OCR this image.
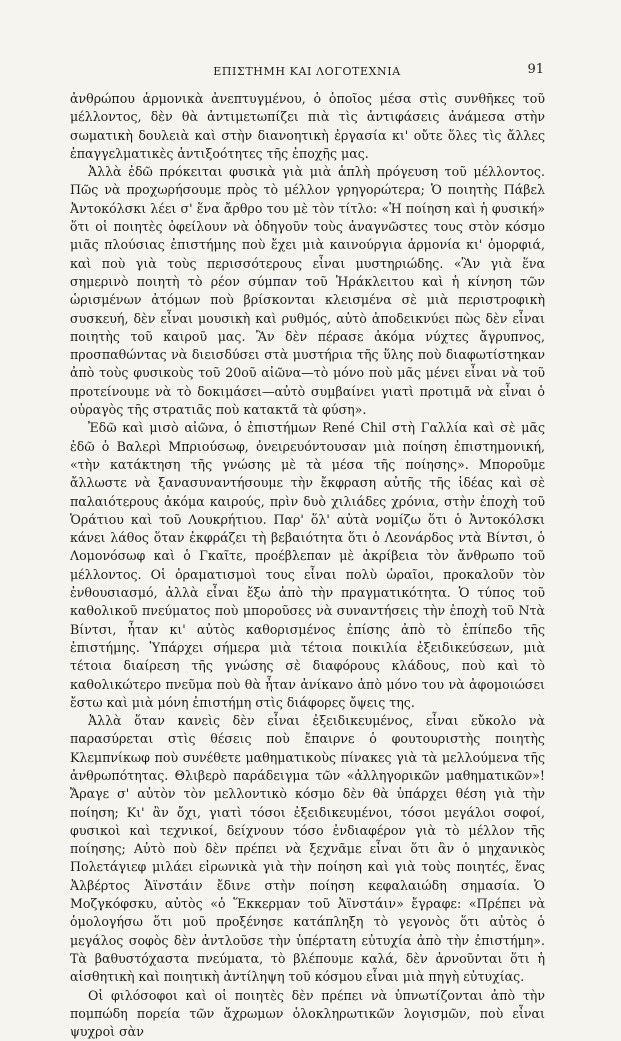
ΕΠΙΣΤΗΜΗ ΚΑΙ ΛΟΓΟΤΕΧΝΙΑ	91

ἀνθρώπου ἁρμονικὰ ἀνεπτυγμένου, ὁ ὁποῖος μέσα στὶς συνθῆκες τοῦ μέλλοντος, δὲν θὰ ἀντιμετωπίζει πιὰ τὶς ἀντιφάσεις ἀνάμεσα στὴν σωματικὴ δουλειὰ καὶ στὴν διανοητικὴ ἐργασία κι' οὔτε ὅλες τὶς ἄλλες ἐπαγγελματικὲς ἀντιξοότητες τῆς ἐποχῆς μας.

Ἀλλὰ ἐδῶ πρόκειται φυσικὰ γιὰ μιὰ ἁπλὴ πρόγευση τοῦ μέλλοντος. Πῶς νὰ προχωρήσουμε πρὸς τὸ μέλλον γρηγορώτερα; Ὁ ποιητὴς Πάβελ Ἀντοκόλσκι λέει σ' ἕνα ἄρθρο του μὲ τὸν τίτλο: «Ἡ ποίηση καὶ ἡ φυσική» ὅτι οἱ ποιητὲς ὀφείλουν νὰ ὁδηγοῦν τοὺς ἀναγνῶστες τους στὸν κόσμο μιᾶς πλούσιας ἐπιστήμης ποὺ ἔχει μιὰ καινούργια ἁρμονία κι' ὁμορφιά, καὶ ποὺ γιὰ τοὺς περισσότερους εἶναι μυστηριώδης. «Ἂν γιὰ ἕνα σημερινὸ ποιητὴ τὸ ρέον σύμπαν τοῦ Ἡράκλειτου καὶ ἡ κίνηση τῶν ὡρισμένων ἀτόμων ποὺ βρίσκονται κλεισμένα σὲ μιὰ περιστροφικὴ συσκευή, δὲν εἶναι μουσικὴ καὶ ρυθμός, αὐτὸ ἀποδεικνύει πὼς δὲν εἶναι ποιητὴς τοῦ καιροῦ μας. Ἂν δὲν πέρασε ἀκόμα νύχτες ἄγρυπνος, προσπαθώντας νὰ διεισδύσει στὰ μυστήρια τῆς ὕλης ποὺ διαφωτίστηκαν ἀπὸ τοὺς φυσικοὺς τοῦ 20οῦ αἰῶνα—τὸ μόνο ποὺ μᾶς μένει εἶναι νὰ τοῦ προτείνουμε νὰ τὸ δοκιμάσει—αὐτὸ συμβαίνει γιατὶ προτιμᾶ νὰ εἶναι ὁ οὐραγὸς τῆς στρατιᾶς ποὺ κατακτᾶ τὰ φύση».

Ἐδῶ καὶ μισὸ αἰῶνα, ὁ ἐπιστήμων René Chil στὴ Γαλλία καὶ σὲ μᾶς ἐδῶ ὁ Βαλερὶ Μπριούσωφ, ὀνειρευόντουσαν μιὰ ποίηση ἐπιστημονική, «τὴν κατάκτηση τῆς γνώσης μὲ τὰ μέσα τῆς ποίησης». Μποροῦμε ἄλλωστε νὰ ξανασυναντήσουμε τὴν ἔκφραση αὐτῆς τῆς ἰδέας καὶ σὲ παλαιότερους ἀκόμα καιρούς, πρὶν δυὸ χιλιάδες χρόνια, στὴν ἐποχὴ τοῦ Ὁράτιου καὶ τοῦ Λουκρήτιου. Παρ' ὅλ' αὐτὰ νομίζω ὅτι ὁ Ἀντοκόλσκι κάνει λάθος ὅταν ἐκφράζει τὴ βεβαιότητα ὅτι ὁ Λεονάρδος ντὰ Βίντσι, ὁ Λομονόσωφ καὶ ὁ Γκαῖτε, προέβλεπαν μὲ ἀκρίβεια τὸν ἄνθρωπο τοῦ μέλλοντος. Οἱ ὁραματισμοὶ τους εἶναι πολὺ ὡραῖοι, προκαλοῦν τὸν ἐνθουσιασμό, ἀλλὰ εἶναι ἔξω ἀπὸ τὴν πραγματικότητα. Ὁ τύπος τοῦ καθολικοῦ πνεύματος ποὺ μποροῦσες νὰ συναντήσεις τὴν ἐποχὴ τοῦ Ντὰ Βίντσι, ἦταν κι' αὐτὸς καθορισμένος ἐπίσης ἀπὸ τὸ ἐπίπεδο τῆς ἐπιστήμης. Ὑπάρχει σήμερα μιὰ τέτοια ποικιλία ἐξειδικεύσεων, μιὰ τέτοια διαίρεση τῆς γνώσης σὲ διαφόρους κλάδους, ποὺ καὶ τὸ καθολικώτερο πνεῦμα ποὺ θὰ ἦταν ἀνίκανο ἀπὸ μόνο του νὰ ἀφομοιώσει ἔστω καὶ μιὰ μόνη ἐπιστήμη στὶς διάφορες ὄψεις της.

Ἀλλὰ ὅταν κανεὶς δὲν εἶναι ἐξειδικευμένος, εἶναι εὔκολο νὰ παρασύρεται στὶς θέσεις ποὺ ἔπαιρνε ὁ φουτουριστὴς ποιητὴς Κλεμπνίκωφ ποὺ συνέθετε μαθηματικοὺς πίνακες γιὰ τὰ μελλούμενα τῆς ἀνθρωπότητας. Θλιβερὸ παράδειγμα τῶν «ἀλληγορικῶν μαθηματικῶν»! Ἄραγε σ' αὐτὸν τὸν μελλοντικὸ κόσμο δὲν θὰ ὑπάρχει θέση γιὰ τὴν ποίηση; Κι' ἂν ὄχι, γιατὶ τόσοι ἐξειδικευμένοι, τόσοι μεγάλοι σοφοί, φυσικοὶ καὶ τεχνικοί, δείχνουν τόσο ἐνδιαφέρον γιὰ τὸ μέλλον τῆς ποίησης; Αὐτὸ ποὺ δὲν πρέπει νὰ ξεχνᾶμε εἶναι ὅτι ἂν ὁ μηχανικὸς Πολετάγιεφ μιλάει εἰρωνικὰ γιὰ τὴν ποίηση καὶ γιὰ τοὺς ποιητές, ἕνας Ἀλβέρτος Ἀϊνστάιν ἔδινε στὴν ποίηση κεφαλαιώδη σημασία. Ὁ Μοζγκόφσκυ, αὐτὸς «ὁ Ἕκκερμαν τοῦ Ἀϊνστάιν» ἔγραφε: «Πρέπει νὰ ὁμολογήσω ὅτι μοῦ προξένησε κατάπληξη τὸ γεγονὸς ὅτι αὐτὸς ὁ μεγάλος σοφὸς δὲν ἀντλοῦσε τὴν ὑπέρτατη εὐτυχία ἀπὸ τὴν ἐπιστήμη». Τὰ βαθυστόχαστα πνεύματα, τὸ βλέπουμε καλά, δὲν ἀρνοῦνται ὅτι ἡ αἰσθητικὴ καὶ ποιητικὴ ἀντίληψη τοῦ κόσμου εἶναι μιὰ πηγὴ εὐτυχίας.

Οἱ φιλόσοφοι καὶ οἱ ποιητὲς δὲν πρέπει νὰ ὑπνωτίζονται ἀπὸ τὴν πομπώδη πορεία τῶν ἄχρωμων ὁλοκληρωτικῶν λογισμῶν, ποὺ εἶναι ψυχροὶ σὰν
